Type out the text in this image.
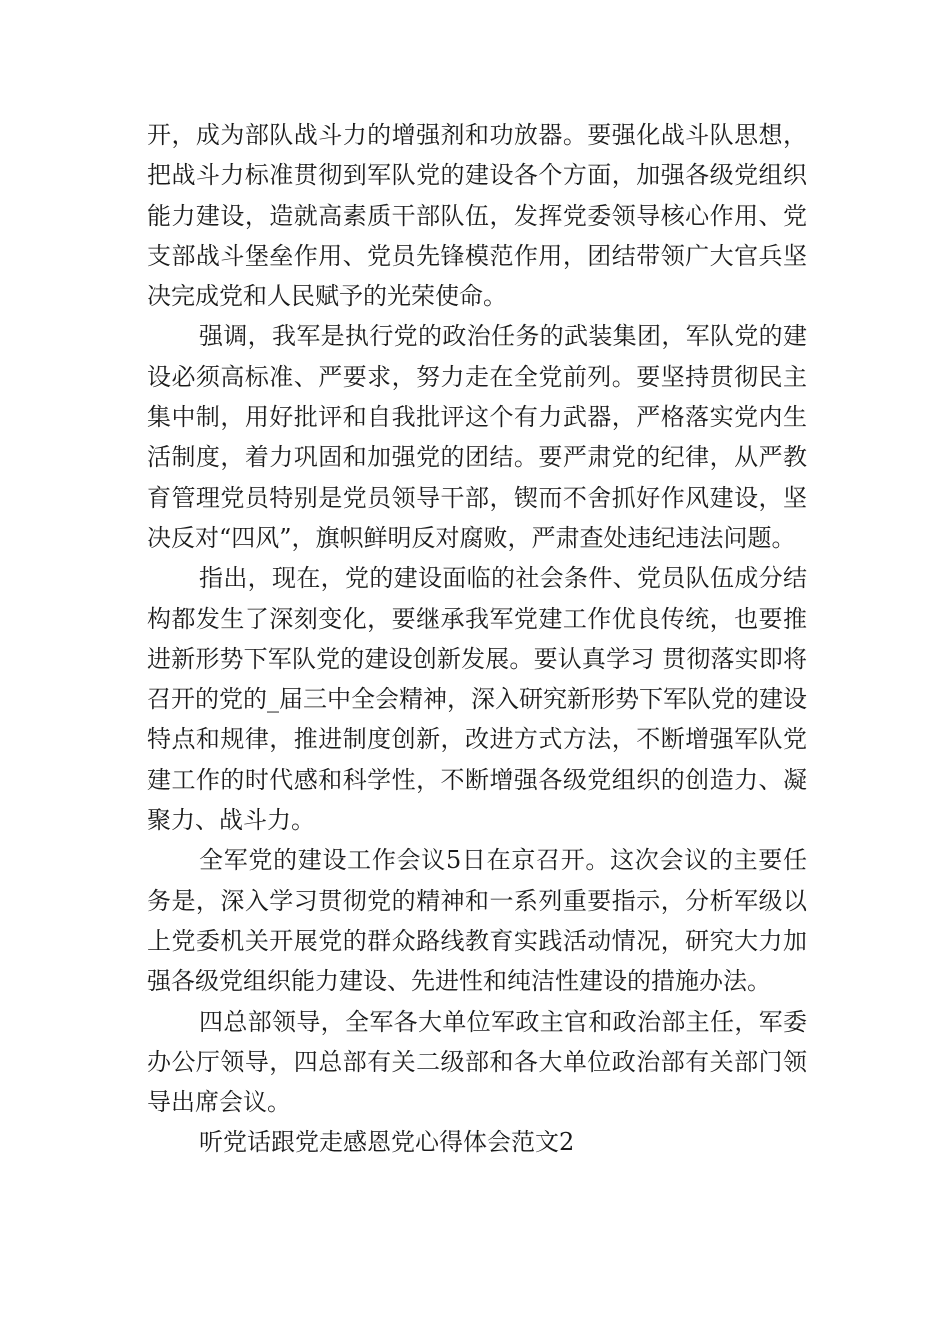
开，成为部队战斗力的增强剂和功放器。要强化战斗队思想，把战斗力标准贯彻到军队党的建设各个方面，加强各级党组织能力建设，造就高素质干部队伍，发挥党委领导核心作用、党支部战斗堡垒作用、党员先锋模范作用，团结带领广大官兵坚决完成党和人民赋予的光荣使命。

强调，我军是执行党的政治任务的武装集团，军队党的建设必须高标准、严要求，努力走在全党前列。要坚持贯彻民主集中制，用好批评和自我批评这个有力武器，严格落实党内生活制度，着力巩固和加强党的团结。要严肃党的纪律，从严教育管理党员特别是党员领导干部，锲而不舍抓好作风建设，坚决反对“四风”，旗帜鲜明反对腐败，严肃查处违纪违法问题。

指出，现在，党的建设面临的社会条件、党员队伍成分结构都发生了深刻变化，要继承我军党建工作优良传统，也要推进新形势下军队党的建设创新发展。要认真学习 贯彻落实即将召开的党的_届三中全会精神，深入研究新形势下军队党的建设特点和规律，推进制度创新，改进方式方法，不断增强军队党建工作的时代感和科学性，不断增强各级党组织的创造力、凝聚力、战斗力。

全军党的建设工作会议5日在京召开。这次会议的主要任务是，深入学习贯彻党的精神和一系列重要指示，分析军级以上党委机关开展党的群众路线教育实践活动情况，研究大力加强各级党组织能力建设、先进性和纯洁性建设的措施办法。

四总部领导，全军各大单位军政主官和政治部主任，军委办公厅领导，四总部有关二级部和各大单位政治部有关部门领导出席会议。

听党话跟党走感恩党心得体会范文2
